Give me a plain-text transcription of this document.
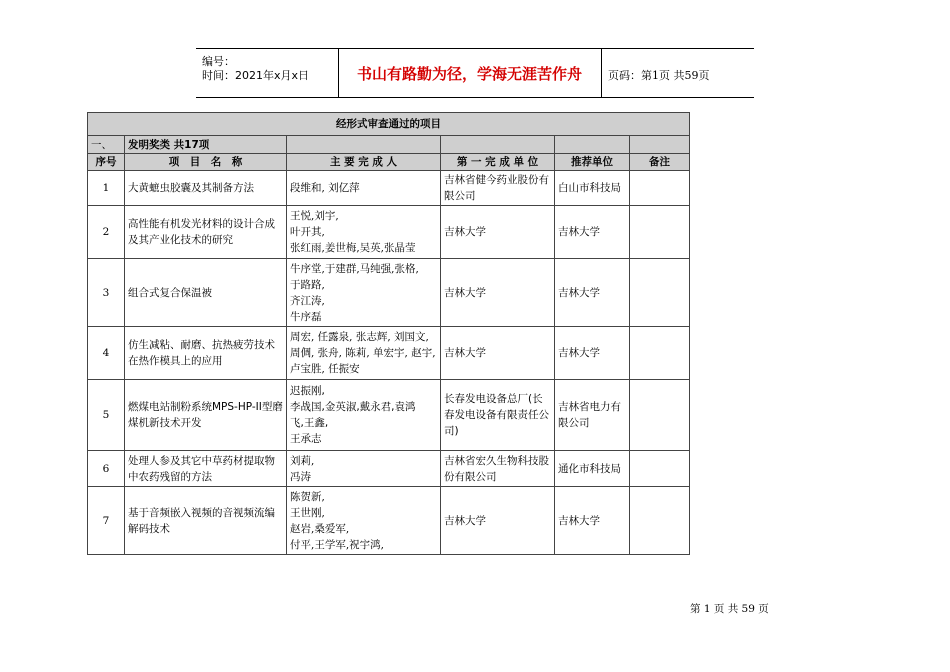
编号：
时间：2021年x月x日	书山有路勤为径，学海无涯苦作舟	页码：第1页 共59页
经形式审查通过的项目					
一、	发明奖类 共17项				
序号	项　目　名　称	主 要 完 成 人	第 一 完 成 单 位	推荐单位	备注
1	大黄蟅虫胶囊及其制备方法	段维和, 刘亿萍	吉林省健今药业股份有限公司	白山市科技局	
2	高性能有机发光材料的设计合成及其产业化技术的研究	王悦,刘宇,
叶开其,
张红雨,姜世梅,吴英,张晶莹	吉林大学	吉林大学	
3	组合式复合保温被	牛序堂,于建群,马纯强,张格,
于路路,
齐江涛,
牛序磊	吉林大学	吉林大学	
4	仿生减粘、耐磨、抗热疲劳技术在热作模具上的应用	周宏, 任露泉, 张志辉, 刘国文,
周倜, 张舟, 陈莉, 单宏宇, 赵宇,
卢宝胜, 任振安	吉林大学	吉林大学	
5	燃煤电站制粉系统MPS-HP-II型磨煤机新技术开发	迟振刚,
李战国,金英淑,戴永君,袁鸿
飞,王鑫,
王承志	长春发电设备总厂(长春发电设备有限责任公司)	吉林省电力有限公司	
6	处理人参及其它中草药材提取物中农药残留的方法	刘莉,
冯涛	吉林省宏久生物科技股份有限公司	通化市科技局	
7	基于音频嵌入视频的音视频流编解码技术	陈贺新,
王世刚,
赵岩,桑爱军,
付平,王学军,祝宇鸿,	吉林大学	吉林大学	
第 1 页 共 59 页
